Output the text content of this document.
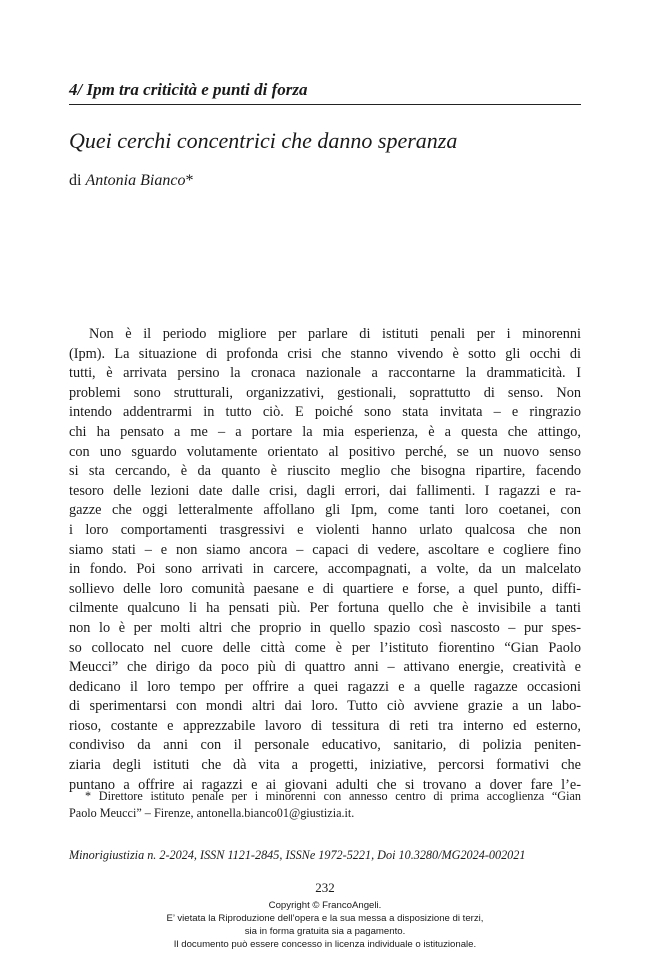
4/ Ipm tra criticità e punti di forza
Quei cerchi concentrici che danno speranza
di Antonia Bianco*
Non è il periodo migliore per parlare di istituti penali per i minorenni
(Ipm). La situazione di profonda crisi che stanno vivendo è sotto gli occhi di
tutti, è arrivata persino la cronaca nazionale a raccontarne la drammaticità. I
problemi sono strutturali, organizzativi, gestionali, soprattutto di senso. Non
intendo addentrarmi in tutto ciò. E poiché sono stata invitata – e ringrazio
chi ha pensato a me – a portare la mia esperienza, è a questa che attingo,
con uno sguardo volutamente orientato al positivo perché, se un nuovo senso
si sta cercando, è da quanto è riuscito meglio che bisogna ripartire, facendo
tesoro delle lezioni date dalle crisi, dagli errori, dai fallimenti. I ragazzi e ra-
gazze che oggi letteralmente affollano gli Ipm, come tanti loro coetanei, con
i loro comportamenti trasgressivi e violenti hanno urlato qualcosa che non
siamo stati – e non siamo ancora – capaci di vedere, ascoltare e cogliere fino
in fondo. Poi sono arrivati in carcere, accompagnati, a volte, da un malcelato
sollievo delle loro comunità paesane e di quartiere e forse, a quel punto, diffi-
cilmente qualcuno li ha pensati più. Per fortuna quello che è invisibile a tanti
non lo è per molti altri che proprio in quello spazio così nascosto – pur spes-
so collocato nel cuore delle città come è per l’istituto fiorentino “Gian Paolo
Meucci” che dirigo da poco più di quattro anni – attivano energie, creatività e
dedicano il loro tempo per offrire a quei ragazzi e a quelle ragazze occasioni
di sperimentarsi con mondi altri dai loro. Tutto ciò avviene grazie a un labo-
rioso, costante e apprezzabile lavoro di tessitura di reti tra interno ed esterno,
condiviso da anni con il personale educativo, sanitario, di polizia peniten-
ziaria degli istituti che dà vita a progetti, iniziative, percorsi formativi che
puntano a offrire ai ragazzi e ai giovani adulti che si trovano a dover fare l’e-
* Direttore istituto penale per i minorenni con annesso centro di prima accoglienza “Gian
Paolo Meucci” – Firenze, antonella.bianco01@giustizia.it.
Minorigiustizia n. 2-2024, ISSN 1121-2845, ISSNe 1972-5221, Doi 10.3280/MG2024-002021
232
Copyright © FrancoAngeli.
E’ vietata la Riproduzione dell’opera e la sua messa a disposizione di terzi,
sia in forma gratuita sia a pagamento.
Il documento può essere concesso in licenza individuale o istituzionale.
